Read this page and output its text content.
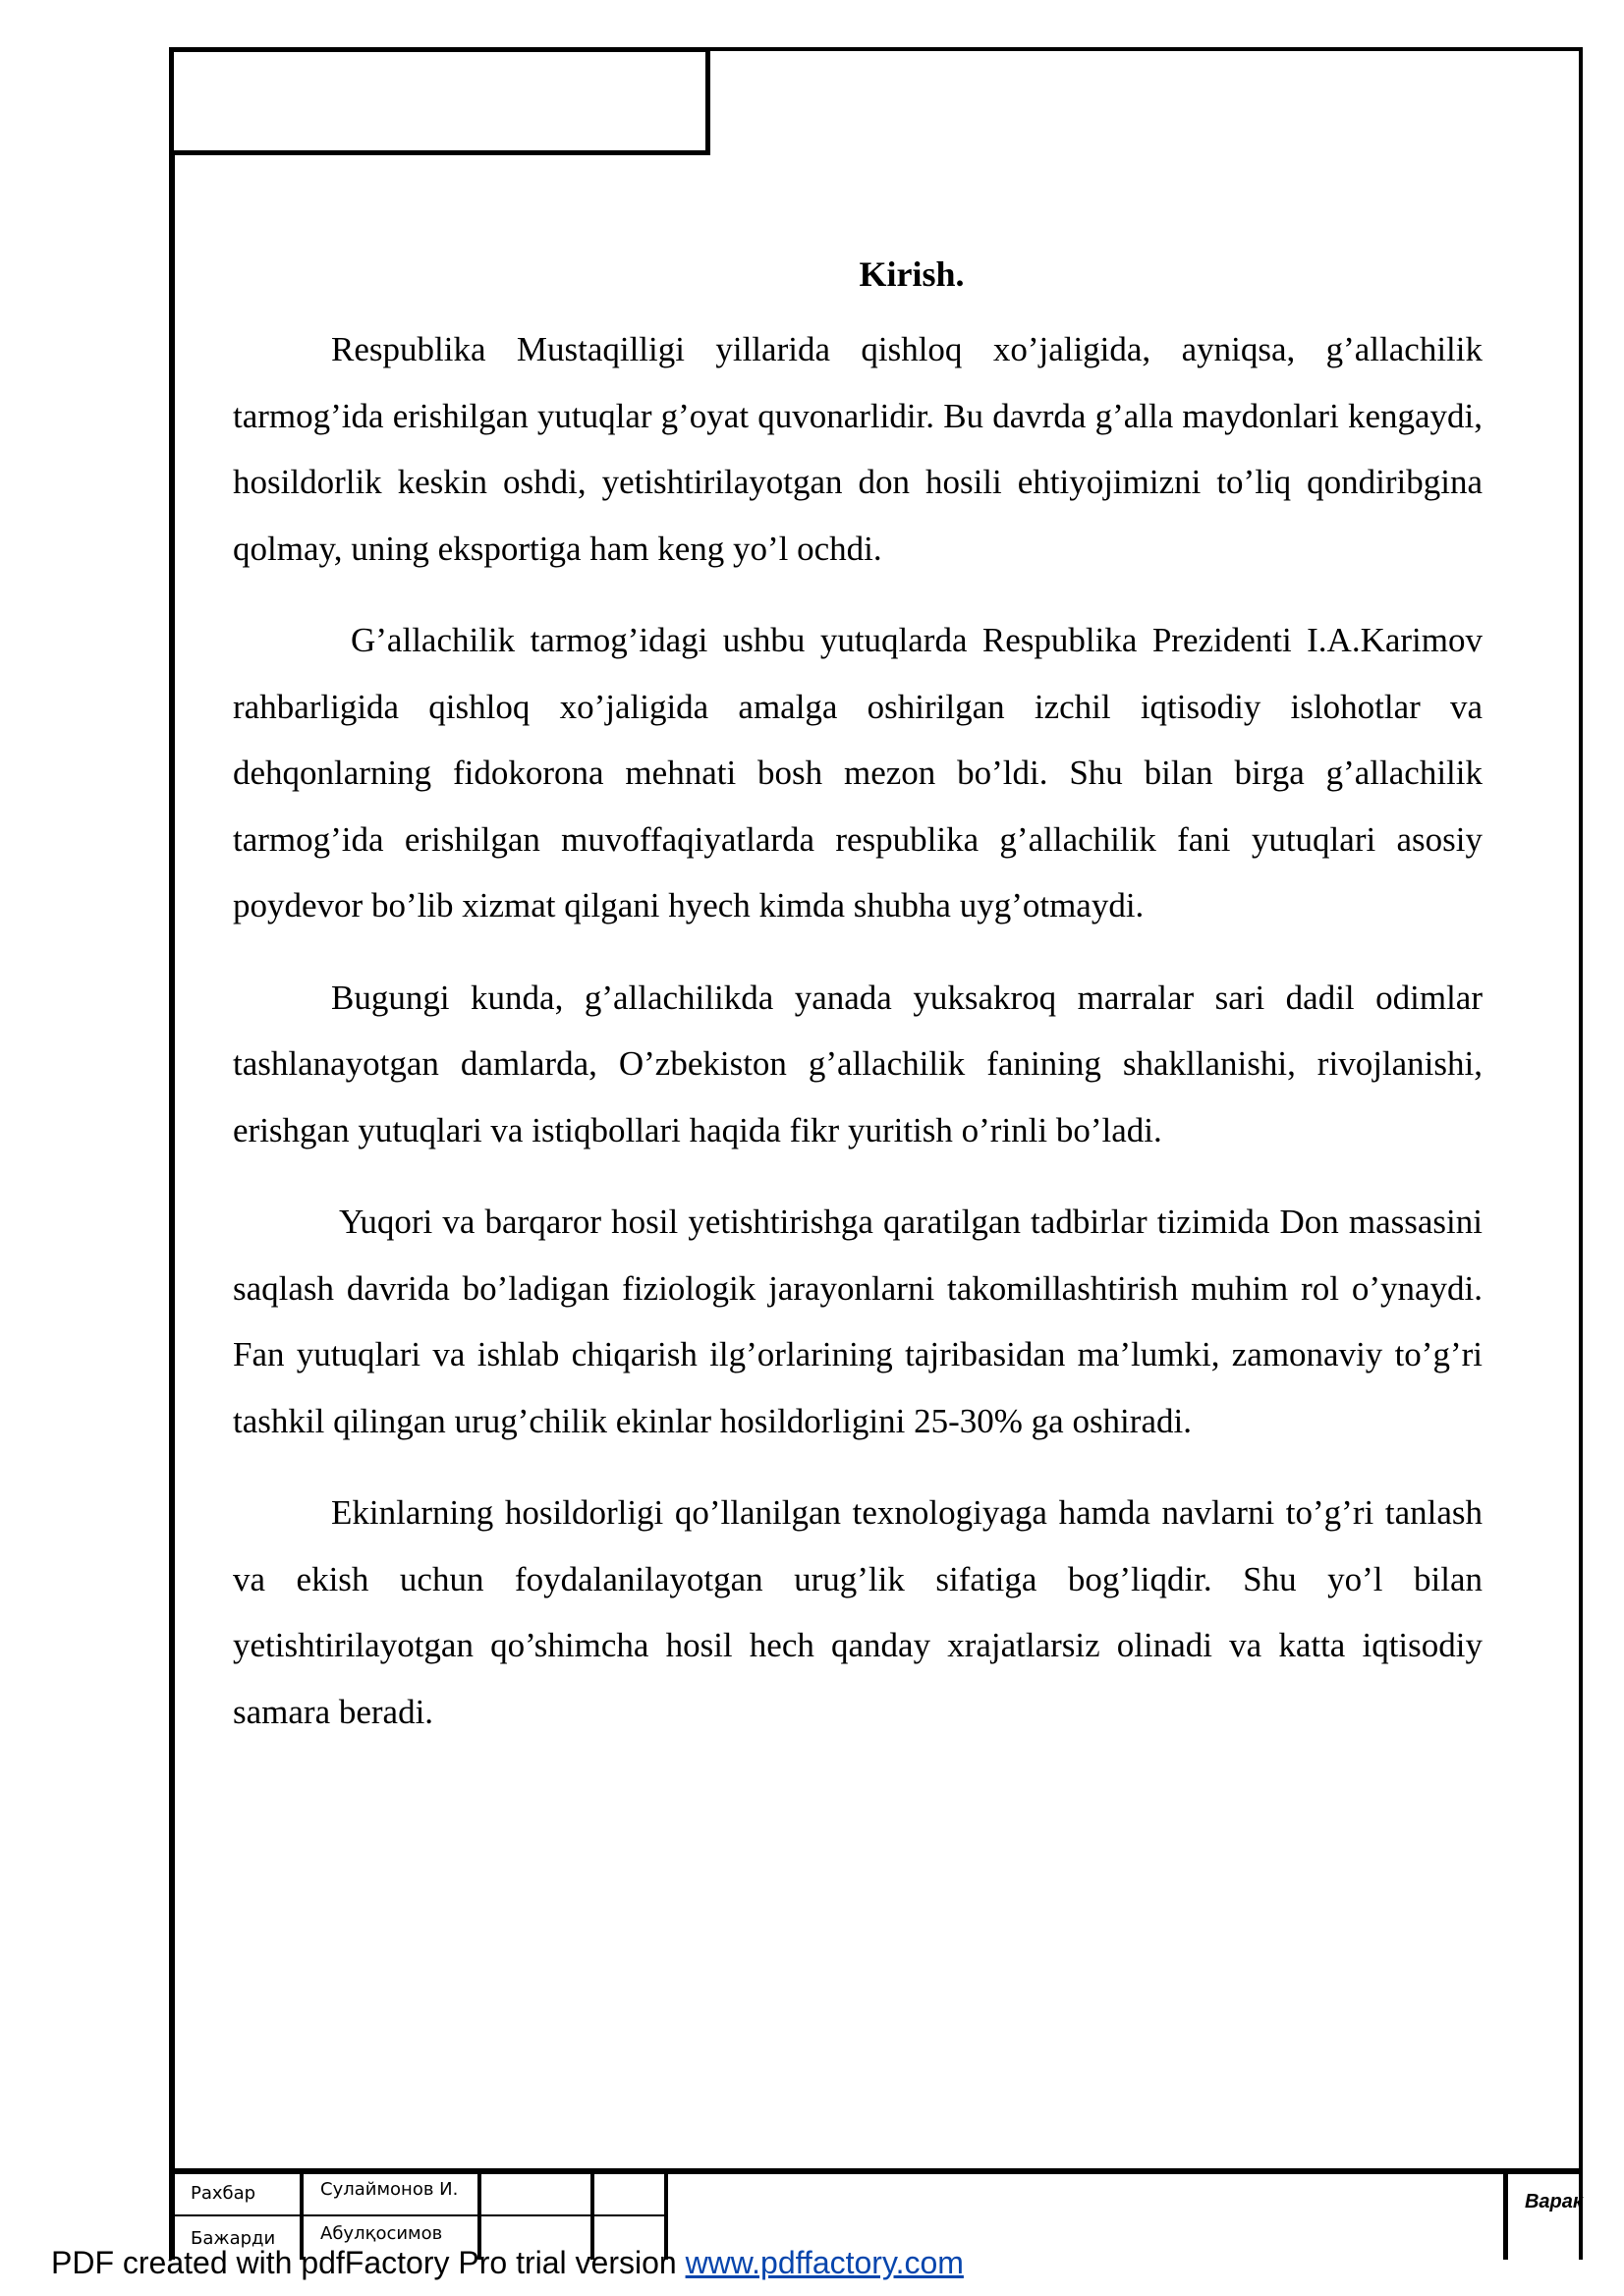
Kirish.

Respublika Mustaqilligi yillarida qishloq xo’jaligida, ayniqsa, g’allachilik tarmog’ida erishilgan yutuqlar g’oyat quvonarlidir. Bu davrda g’alla maydonlari kengaydi, hosildorlik keskin oshdi, yetishtirilayotgan don hosili ehtiyojimizni to’liq qondiribgina qolmay, uning eksportiga ham keng yo’l ochdi.

G’allachilik tarmog’idagi ushbu yutuqlarda Respublika Prezidenti I.A.Karimov rahbarligida qishloq xo’jaligida amalga oshirilgan izchil iqtisodiy islohotlar va dehqonlarning fidokorona mehnati bosh mezon bo’ldi. Shu bilan birga g’allachilik tarmog’ida erishilgan muvoffaqiyatlarda respublika g’allachilik fani yutuqlari asosiy poydevor bo’lib xizmat qilgani hyech kimda shubha uyg’otmaydi.

Bugungi kunda, g’allachilikda yanada yuksakroq marralar sari dadil odimlar tashlanayotgan damlarda, O’zbekiston g’allachilik fanining shakllanishi, rivojlanishi, erishgan yutuqlari va istiqbollari haqida fikr yuritish o’rinli bo’ladi.

Yuqori va barqaror hosil yetishtirishga qaratilgan tadbirlar tizimida Don massasini saqlash davrida bo’ladigan fiziologik jarayonlarni takomillashtirish muhim rol o’ynaydi. Fan yutuqlari va ishlab chiqarish ilg’orlarining tajribasidan ma’lumki, zamonaviy to’g’ri tashkil qilingan urug’chilik ekinlar hosildorligini 25-30% ga oshiradi.

Ekinlarning hosildorligi qo’llanilgan texnologiyaga hamda navlarni to’g’ri tanlash va ekish uchun foydalanilayotgan urug’lik sifatiga bog’liqdir. Shu yo’l bilan yetishtirilayotgan qo’shimcha hosil hech qanday xrajatlarsiz olinadi va katta iqtisodiy samara beradi.

Рахбар	Сулаймонов И.
Бажарди	Абулқосимов
Варак
PDF created with pdfFactory Pro trial version www.pdffactory.com
